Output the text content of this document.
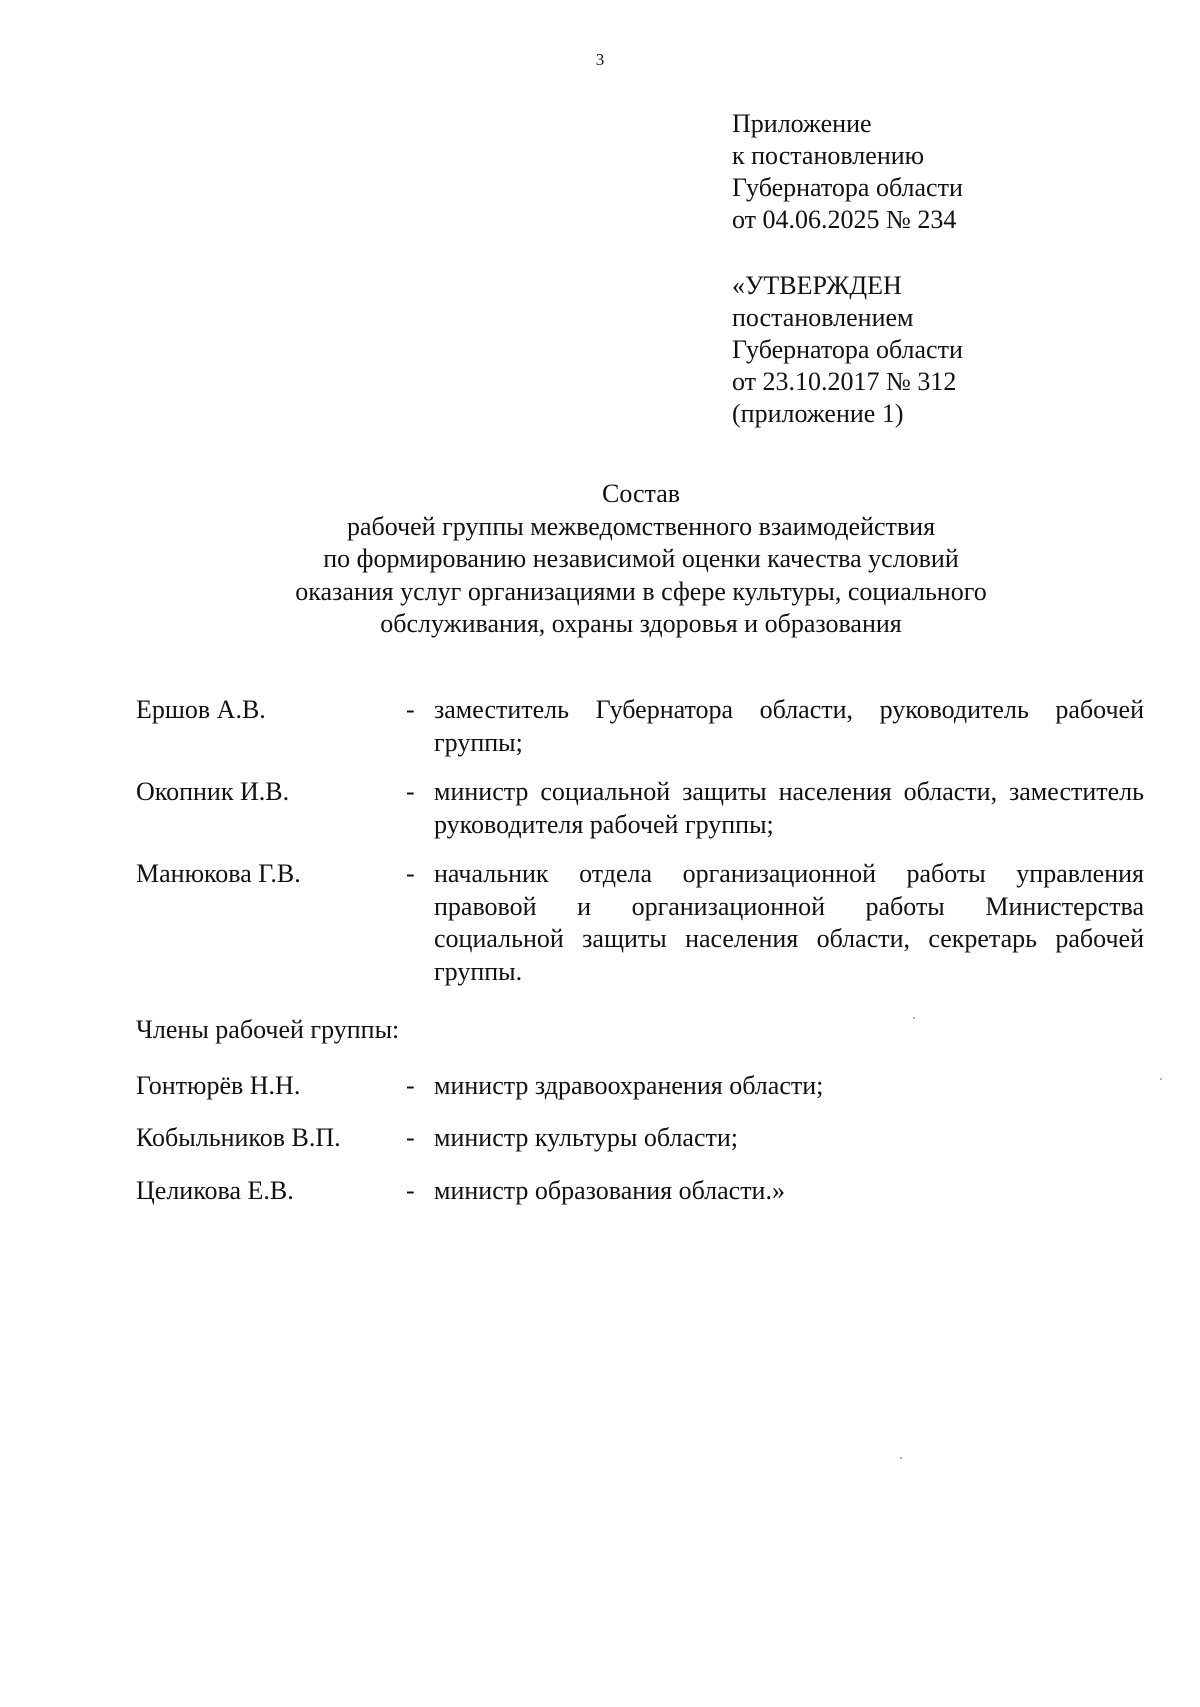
3
Приложение
к постановлению
Губернатора области
от 04.06.2025 № 234
«УТВЕРЖДЕН
постановлением
Губернатора области
от 23.10.2017 № 312
(приложение 1)
Состав
рабочей группы межведомственного взаимодействия
по формированию независимой оценки качества условий
оказания услуг организациями в сфере культуры, социального
обслуживания, охраны здоровья и образования
Ершов А.В.	- заместитель Губернатора области, руководитель рабочей группы;
Окопник И.В.	- министр социальной защиты населения области, заместитель руководителя рабочей группы;
Манюкова Г.В.	- начальник отдела организационной работы управления правовой и организационной работы Министерства социальной защиты населения области, секретарь рабочей группы.
Члены рабочей группы:
Гонтюрёв Н.Н.	- министр здравоохранения области;
Кобыльников В.П.	- министр культуры области;
Целикова Е.В.	- министр образования области.»
